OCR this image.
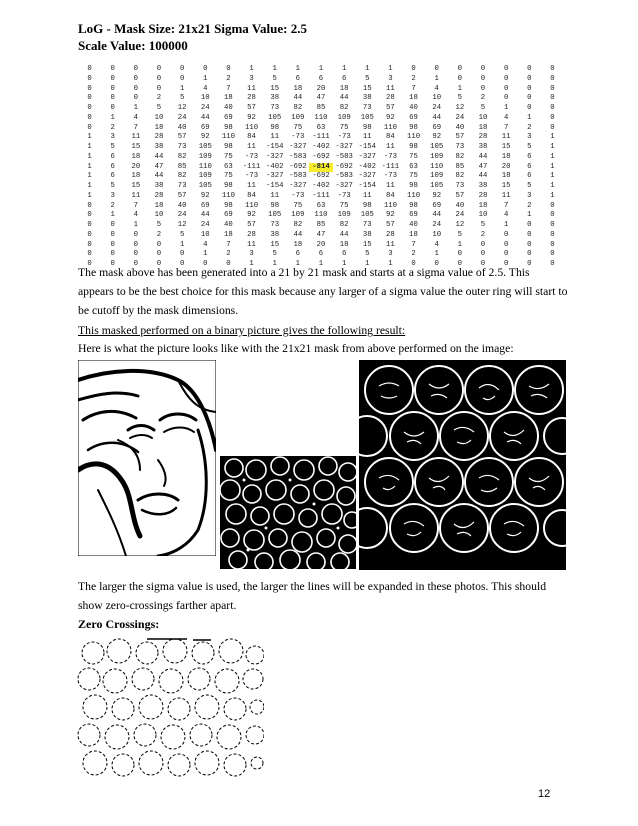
LoG - Mask Size: 21x21 Sigma Value: 2.5
Scale Value: 100000
0	0	0	0	0	0	0	1	1	1	1	1	1	1	0	0	0	0	0	0	0
0	0	0	0	0	1	2	3	5	6	6	6	5	3	2	1	0	0	0	0	0
0	0	0	0	1	4	7	11	15	18	20	18	15	11	7	4	1	0	0	0	0
0	0	0	2	5	10	18	28	38	44	47	44	38	28	18	10	5	2	0	0	0
0	0	1	5	12	24	40	57	73	82	85	82	73	57	40	24	12	5	1	0	0
0	1	4	10	24	44	69	92	105	109	110	109	105	92	69	44	24	10	4	1	0
0	2	7	18	40	69	98	110	98	75	63	75	98	110	98	69	40	18	7	2	0
1	3	11	28	57	92	110	84	11	-73	-111	-73	11	84	110	92	57	28	11	3	1
1	5	15	38	73	105	98	11	-154 -327 -402 -327 -154	11	98	105	73	38	15	5	1
1	6	18	44	82	109	75	-73	-327 -583 -692 -583 -327	-73	75	109	82	44	18	6	1
1	6	20	47	85	110	63	-111 -402 -692 -814 -692 -402 -111	63	110	85	47	20	6	1
1	6	18	44	82	109	75	-73	-327 -583 -692 -583 -327	-73	75	109	82	44	18	6	1
1	5	15	38	73	105	98	11	-154 -327 -402 -327 -154	11	98	105	73	38	15	5	1
1	3	11	28	57	92	110	84	11	-73	-111	-73	11	84	110	92	57	28	11	3	1
0	2	7	18	40	69	98	110	98	75	63	75	98	110	98	69	40	18	7	2	0
0	1	4	10	24	44	69	92	105	109	110	109	105	92	69	44	24	10	4	1	0
0	0	1	5	12	24	40	57	73	82	85	82	73	57	40	24	12	5	1	0	0
0	0	0	2	5	10	18	28	38	44	47	44	38	28	18	10	5	2	0	0	0
0	0	0	0	1	4	7	11	15	18	20	18	15	11	7	4	1	0	0	0	0
0	0	0	0	0	1	2	3	5	6	6	6	5	3	2	1	0	0	0	0	0
0	0	0	0	0	0	0	1	1	1	1	1	1	1	0	0	0	0	0	0	0

The mask above has been generated into a 21 by 21 mask and starts at a sigma value of 2.5. This appears to be the best choice for this mask because any larger of a sigma value the outer ring will start to be cutoff by the mask dimensions.

This masked performed on a binary picture gives the following result:

Here is what the picture looks like with the 21x21 mask from above performed on the image:

The larger the sigma value is used, the larger the lines will be expanded in these photos. This should show zero-crossings farther apart.

Zero Crossings:
12
